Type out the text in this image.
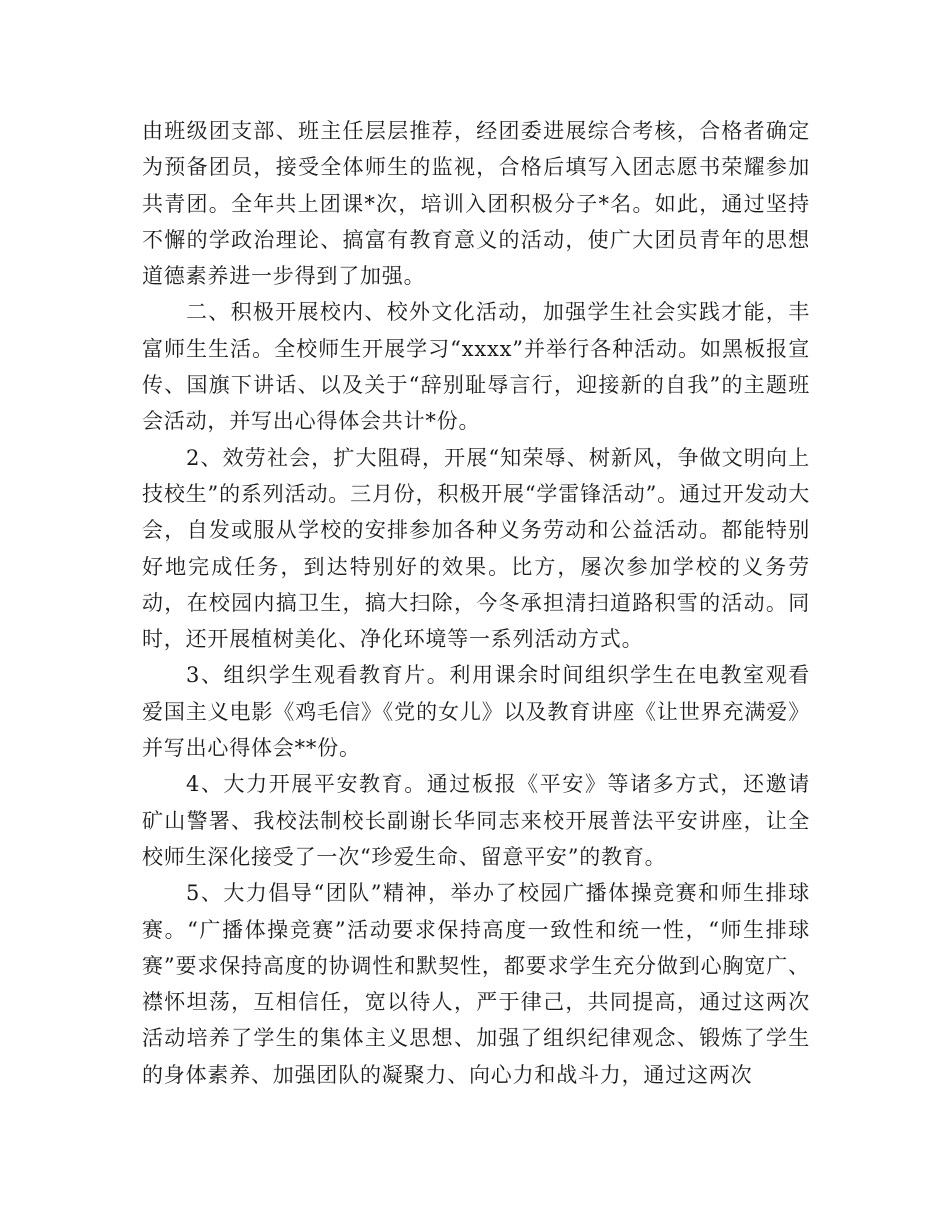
由班级团支部、班主任层层推荐，经团委进展综合考核，合格者确定为预备团员，接受全体师生的监视，合格后填写入团志愿书荣耀参加共青团。全年共上团课*次，培训入团积极分子*名。如此，通过坚持不懈的学政治理论、搞富有教育意义的活动，使广大团员青年的思想道德素养进一步得到了加强。

二、积极开展校内、校外文化活动，加强学生社会实践才能，丰富师生生活。全校师生开展学习“xxxx”并举行各种活动。如黑板报宣传、国旗下讲话、以及关于“辞别耻辱言行，迎接新的自我”的主题班会活动，并写出心得体会共计*份。

2、效劳社会，扩大阻碍，开展“知荣辱、树新风，争做文明向上技校生”的系列活动。三月份，积极开展“学雷锋活动”。通过开发动大会，自发或服从学校的安排参加各种义务劳动和公益活动。都能特别好地完成任务，到达特别好的效果。比方，屡次参加学校的义务劳动，在校园内搞卫生，搞大扫除，今冬承担清扫道路积雪的活动。同时，还开展植树美化、净化环境等一系列活动方式。

3、组织学生观看教育片。利用课余时间组织学生在电教室观看爱国主义电影《鸡毛信》《党的女儿》以及教育讲座《让世界充满爱》并写出心得体会**份。

4、大力开展平安教育。通过板报《平安》等诸多方式，还邀请矿山警署、我校法制校长副谢长华同志来校开展普法平安讲座，让全校师生深化接受了一次“珍爱生命、留意平安”的教育。

5、大力倡导“团队”精神，举办了校园广播体操竞赛和师生排球赛。“广播体操竞赛”活动要求保持高度一致性和统一性，“师生排球赛”要求保持高度的协调性和默契性，都要求学生充分做到心胸宽广、襟怀坦荡，互相信任，宽以待人，严于律己，共同提高，通过这两次活动培养了学生的集体主义思想、加强了组织纪律观念、锻炼了学生的身体素养、加强团队的凝聚力、向心力和战斗力，通过这两次
